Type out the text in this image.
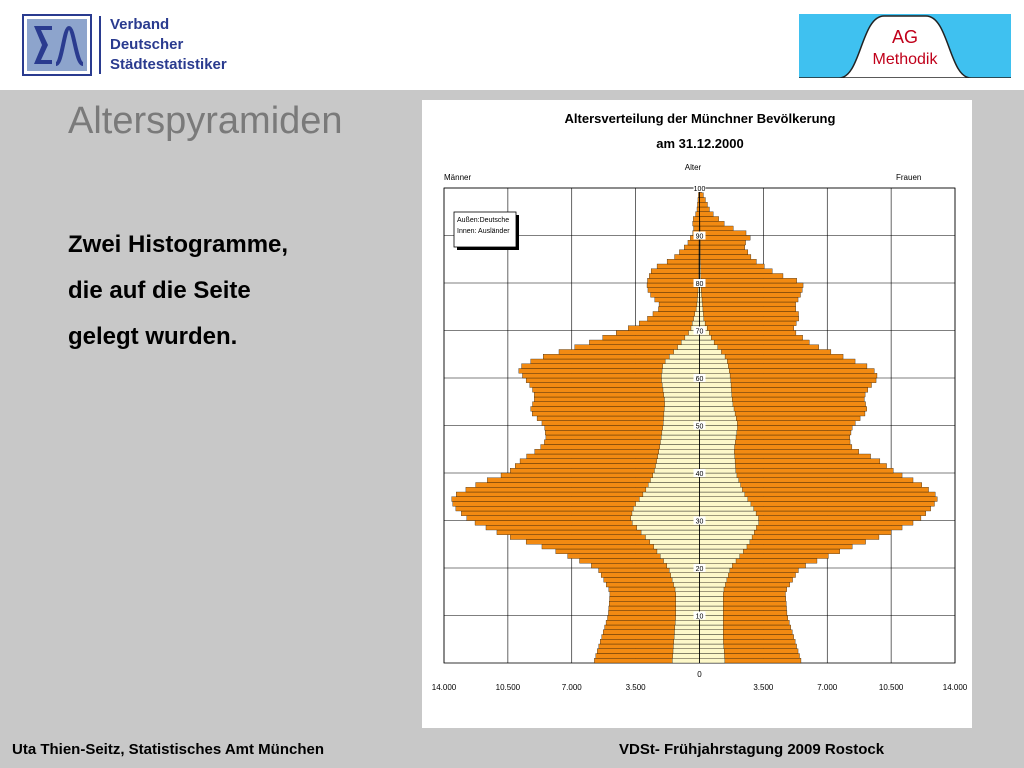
Verband
Deutscher
Städtestatistiker
AG
Methodik
Alterspyramiden
Zwei Histogramme,
die auf die Seite
gelegt wurden.
Altersverteilung der Münchner Bevölkerung
am 31.12.2000
Alter
Männer	Frauen
10
20
30
40
50
60
70
80
90
100
14.000	10.500	7.000	3.500
0
3.500	7.000	10.500	14.000
Außen:Deutsche
Innen: Ausländer
Uta Thien-Seitz, Statistisches Amt München	VDSt- Frühjahrstagung 2009 Rostock
